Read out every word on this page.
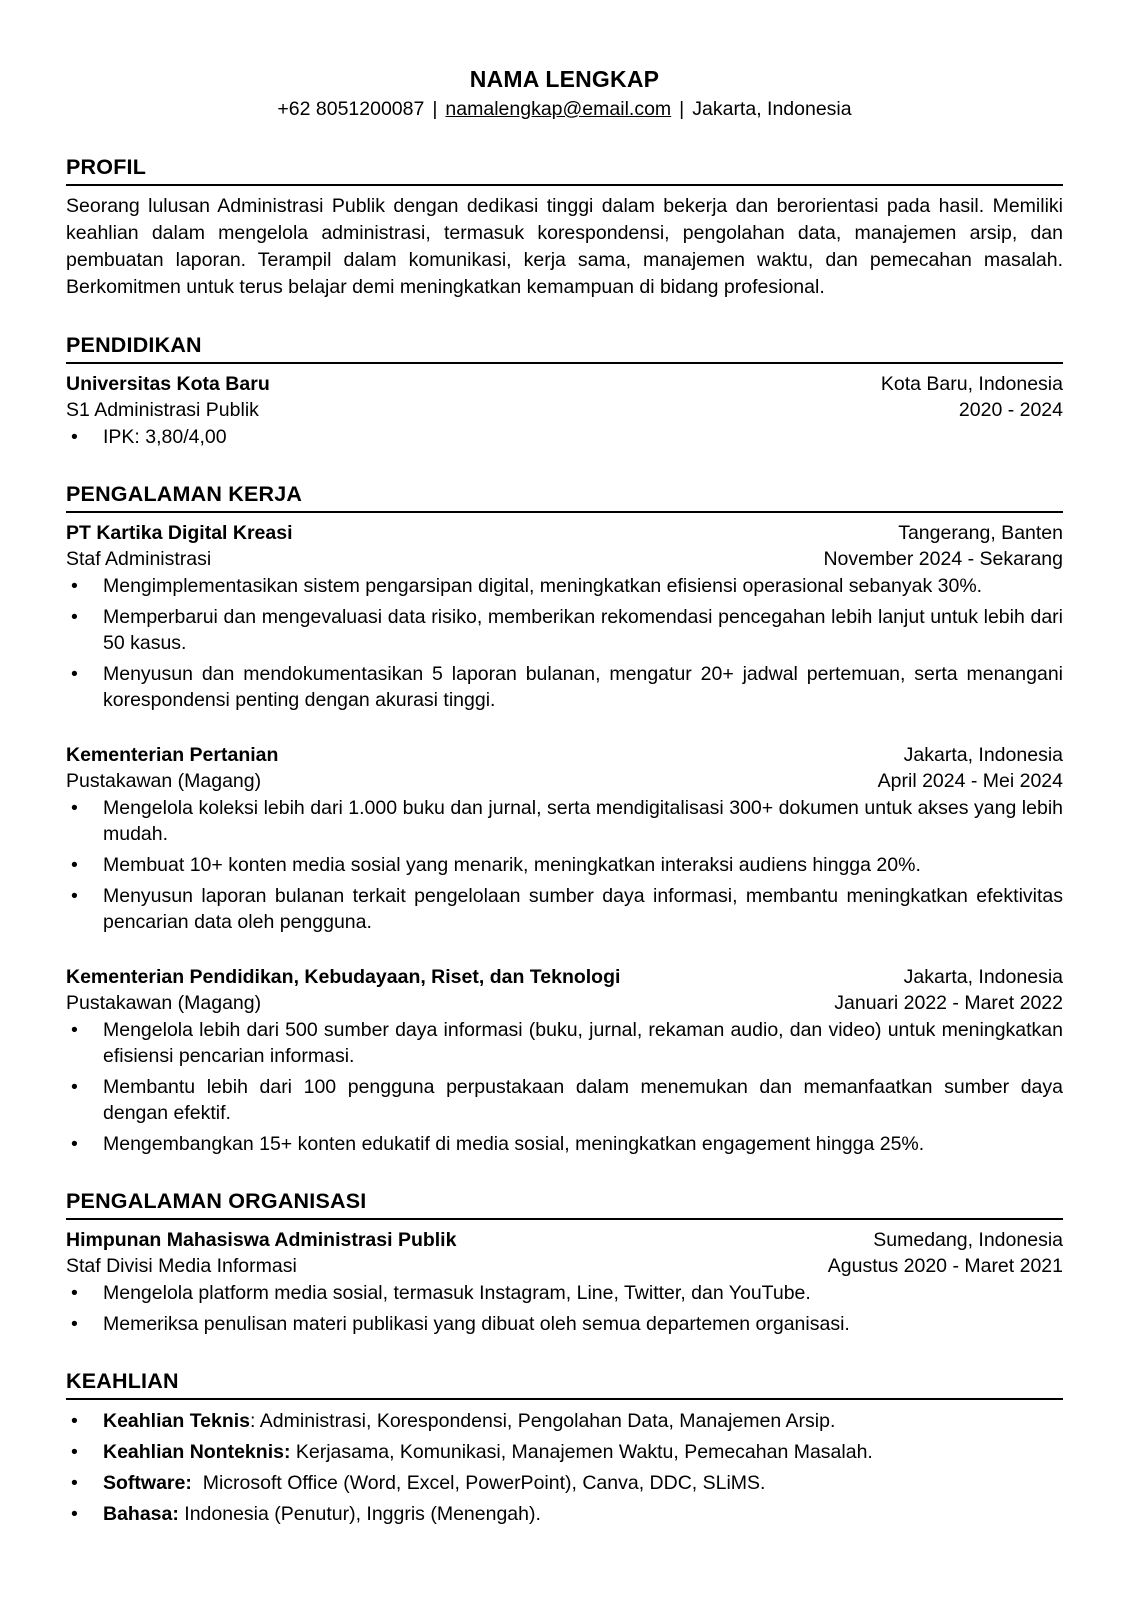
NAMA LENGKAP
+62 8051200087 | namalengkap@email.com | Jakarta, Indonesia
PROFIL

Seorang lulusan Administrasi Publik dengan dedikasi tinggi dalam bekerja dan berorientasi pada hasil. Memiliki keahlian dalam mengelola administrasi, termasuk korespondensi, pengolahan data, manajemen arsip, dan pembuatan laporan. Terampil dalam komunikasi, kerja sama, manajemen waktu, dan pemecahan masalah. Berkomitmen untuk terus belajar demi meningkatkan kemampuan di bidang profesional.

PENDIDIKAN
Universitas Kota Baru	Kota Baru, Indonesia
S1 Administrasi Publik	2020 - 2024
•	IPK: 3,80/4,00
PENGALAMAN KERJA
PT Kartika Digital Kreasi	Tangerang, Banten
Staf Administrasi	November 2024 - Sekarang
•	Mengimplementasikan sistem pengarsipan digital, meningkatkan efisiensi operasional sebanyak 30%.
•	Memperbarui dan mengevaluasi data risiko, memberikan rekomendasi pencegahan lebih lanjut untuk lebih dari 50 kasus.
•	Menyusun dan mendokumentasikan 5 laporan bulanan, mengatur 20+ jadwal pertemuan, serta menangani korespondensi penting dengan akurasi tinggi.
Kementerian Pertanian	Jakarta, Indonesia
Pustakawan (Magang)	April 2024 - Mei 2024
•	Mengelola koleksi lebih dari 1.000 buku dan jurnal, serta mendigitalisasi 300+ dokumen untuk akses yang lebih mudah.
•	Membuat 10+ konten media sosial yang menarik, meningkatkan interaksi audiens hingga 20%.
•	Menyusun laporan bulanan terkait pengelolaan sumber daya informasi, membantu meningkatkan efektivitas pencarian data oleh pengguna.
Kementerian Pendidikan, Kebudayaan, Riset, dan Teknologi	Jakarta, Indonesia
Pustakawan (Magang)	Januari 2022 - Maret 2022
•	Mengelola lebih dari 500 sumber daya informasi (buku, jurnal, rekaman audio, dan video) untuk meningkatkan efisiensi pencarian informasi.
•	Membantu lebih dari 100 pengguna perpustakaan dalam menemukan dan memanfaatkan sumber daya dengan efektif.
•	Mengembangkan 15+ konten edukatif di media sosial, meningkatkan engagement hingga 25%.
PENGALAMAN ORGANISASI
Himpunan Mahasiswa Administrasi Publik	Sumedang, Indonesia
Staf Divisi Media Informasi	Agustus 2020 - Maret 2021
•	Mengelola platform media sosial, termasuk Instagram, Line, Twitter, dan YouTube.
•	Memeriksa penulisan materi publikasi yang dibuat oleh semua departemen organisasi.
KEAHLIAN
•	Keahlian Teknis: Administrasi, Korespondensi, Pengolahan Data, Manajemen Arsip.
•	Keahlian Nonteknis: Kerjasama, Komunikasi, Manajemen Waktu, Pemecahan Masalah.
•	Software:  Microsoft Office (Word, Excel, PowerPoint), Canva, DDC, SLiMS.
•	Bahasa: Indonesia (Penutur), Inggris (Menengah).
